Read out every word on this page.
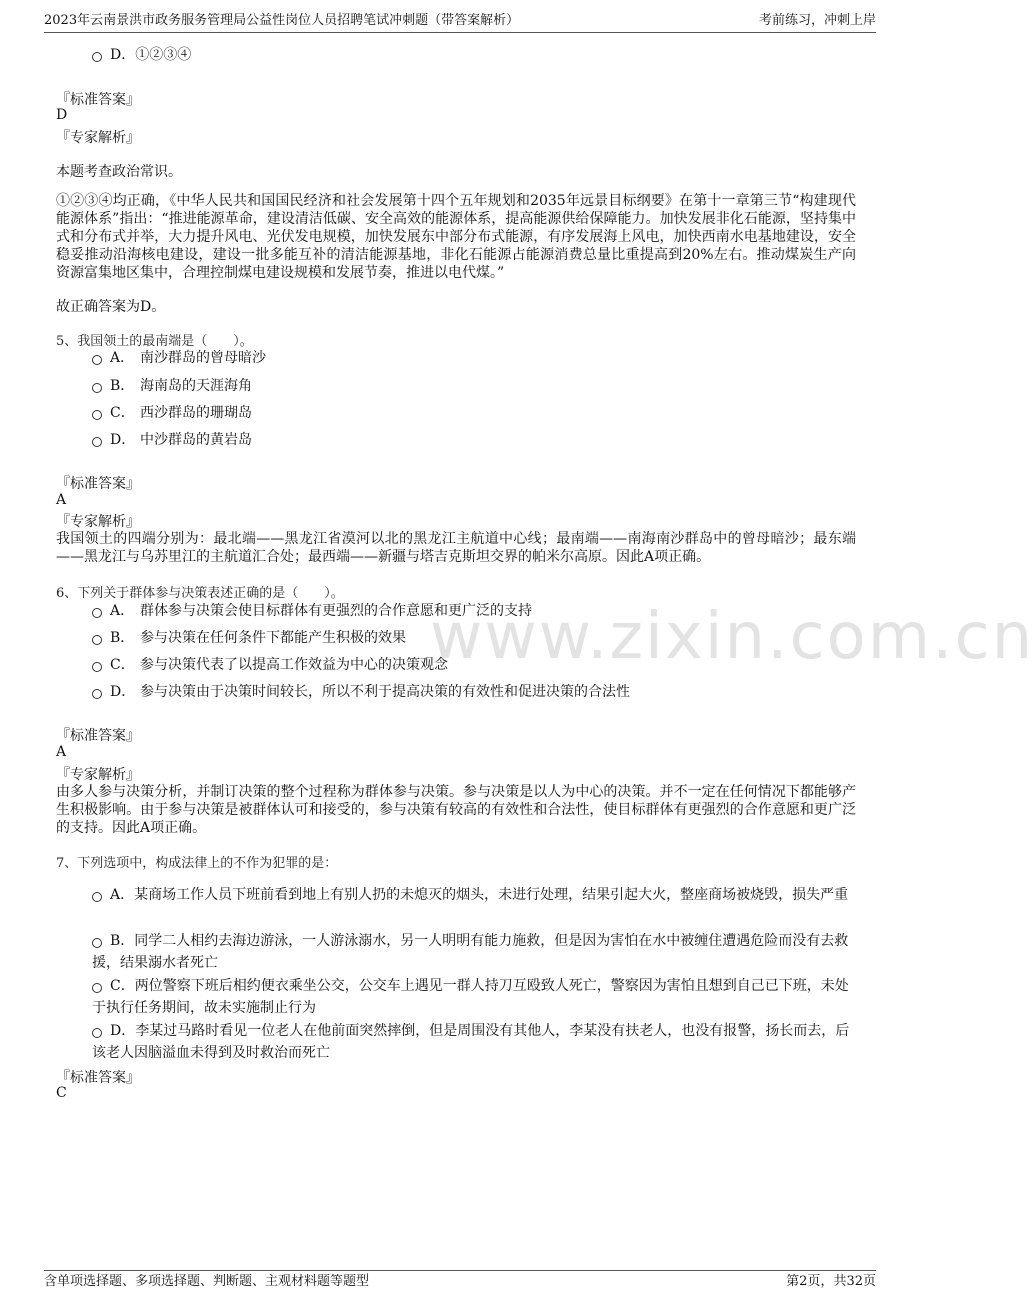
2023年云南景洪市政务服务管理局公益性岗位人员招聘笔试冲刺题（带答案解析）	考前练习，冲刺上岸
www.zixin.com.cn
D．①②③④
『标准答案』
D
『专家解析』
本题考查政治常识。
①②③④均正确，《中华人民共和国国民经济和社会发展第十四个五年规划和2035年远景目标纲要》在第十一章第三节“构建现代能源体系”指出：“推进能源革命，建设清洁低碳、安全高效的能源体系，提高能源供给保障能力。加快发展非化石能源，坚持集中式和分布式并举，大力提升风电、光伏发电规模，加快发展东中部分布式能源，有序发展海上风电，加快西南水电基地建设，安全稳妥推动沿海核电建设，建设一批多能互补的清洁能源基地，非化石能源占能源消费总量比重提高到20%左右。推动煤炭生产向资源富集地区集中，合理控制煤电建设规模和发展节奏，推进以电代煤。”
故正确答案为D。
5、我国领土的最南端是（　　）。
A． 南沙群岛的曾母暗沙
B． 海南岛的天涯海角
C． 西沙群岛的珊瑚岛
D． 中沙群岛的黄岩岛
『标准答案』
A
『专家解析』
我国领土的四端分别为：最北端——黑龙江省漠河以北的黑龙江主航道中心线；最南端——南海南沙群岛中的曾母暗沙；最东端——黑龙江与乌苏里江的主航道汇合处；最西端——新疆与塔吉克斯坦交界的帕米尔高原。因此A项正确。
6、下列关于群体参与决策表述正确的是（　　）。
A． 群体参与决策会使目标群体有更强烈的合作意愿和更广泛的支持
B． 参与决策在任何条件下都能产生积极的效果
C． 参与决策代表了以提高工作效益为中心的决策观念
D． 参与决策由于决策时间较长，所以不利于提高决策的有效性和促进决策的合法性
『标准答案』
A
『专家解析』
由多人参与决策分析，并制订决策的整个过程称为群体参与决策。参与决策是以人为中心的决策。并不一定在任何情况下都能够产生积极影响。由于参与决策是被群体认可和接受的，参与决策有较高的有效性和合法性，使目标群体有更强烈的合作意愿和更广泛的支持。因此A项正确。
7、下列选项中，构成法律上的不作为犯罪的是：
A．某商场工作人员下班前看到地上有别人扔的未熄灭的烟头，未进行处理，结果引起大火，整座商场被烧毁，损失严重
B．同学二人相约去海边游泳，一人游泳溺水，另一人明明有能力施救，但是因为害怕在水中被缠住遭遇危险而没有去救援，结果溺水者死亡
C．两位警察下班后相约便衣乘坐公交，公交车上遇见一群人持刀互殴致人死亡，警察因为害怕且想到自己已下班，未处于执行任务期间，故未实施制止行为
D．李某过马路时看见一位老人在他前面突然摔倒，但是周围没有其他人，李某没有扶老人，也没有报警，扬长而去，后该老人因脑溢血未得到及时救治而死亡
『标准答案』
C
含单项选择题、多项选择题、判断题、主观材料题等题型	第2页，共32页
